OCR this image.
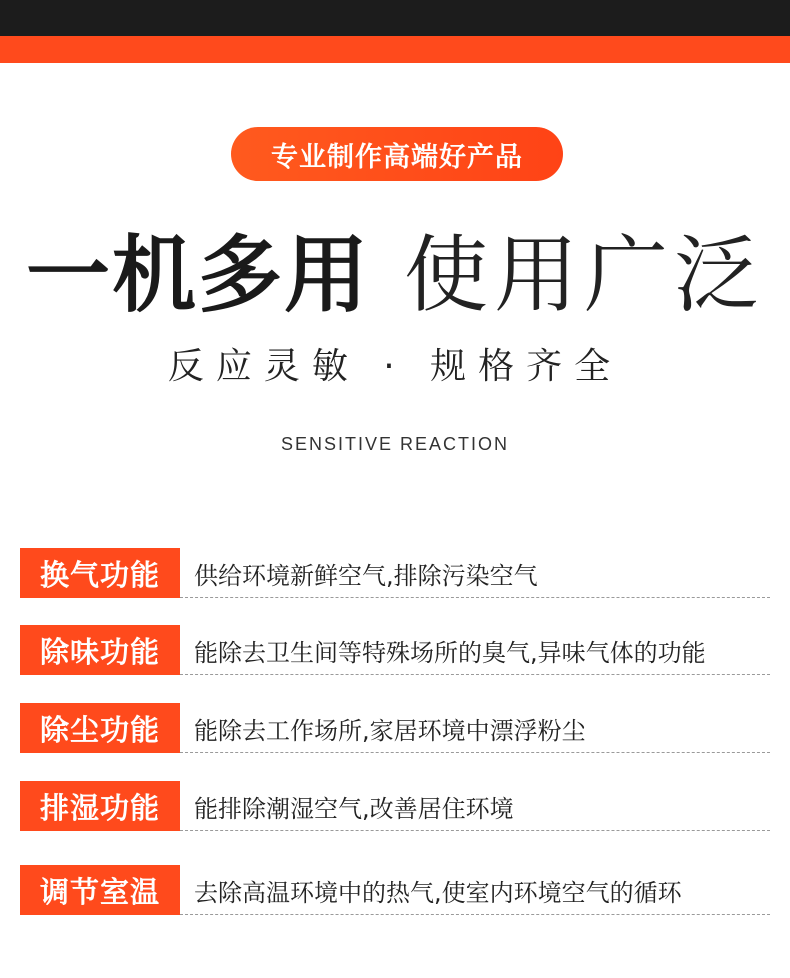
专业制作高端好产品
一机多用 使用广泛
反应灵敏 · 规格齐全
SENSITIVE REACTION
换气功能	供给环境新鲜空气,排除污染空气
除味功能	能除去卫生间等特殊场所的臭气,异味气体的功能
除尘功能	能除去工作场所,家居环境中漂浮粉尘
排湿功能	能排除潮湿空气,改善居住环境
调节室温	去除高温环境中的热气,使室内环境空气的循环
